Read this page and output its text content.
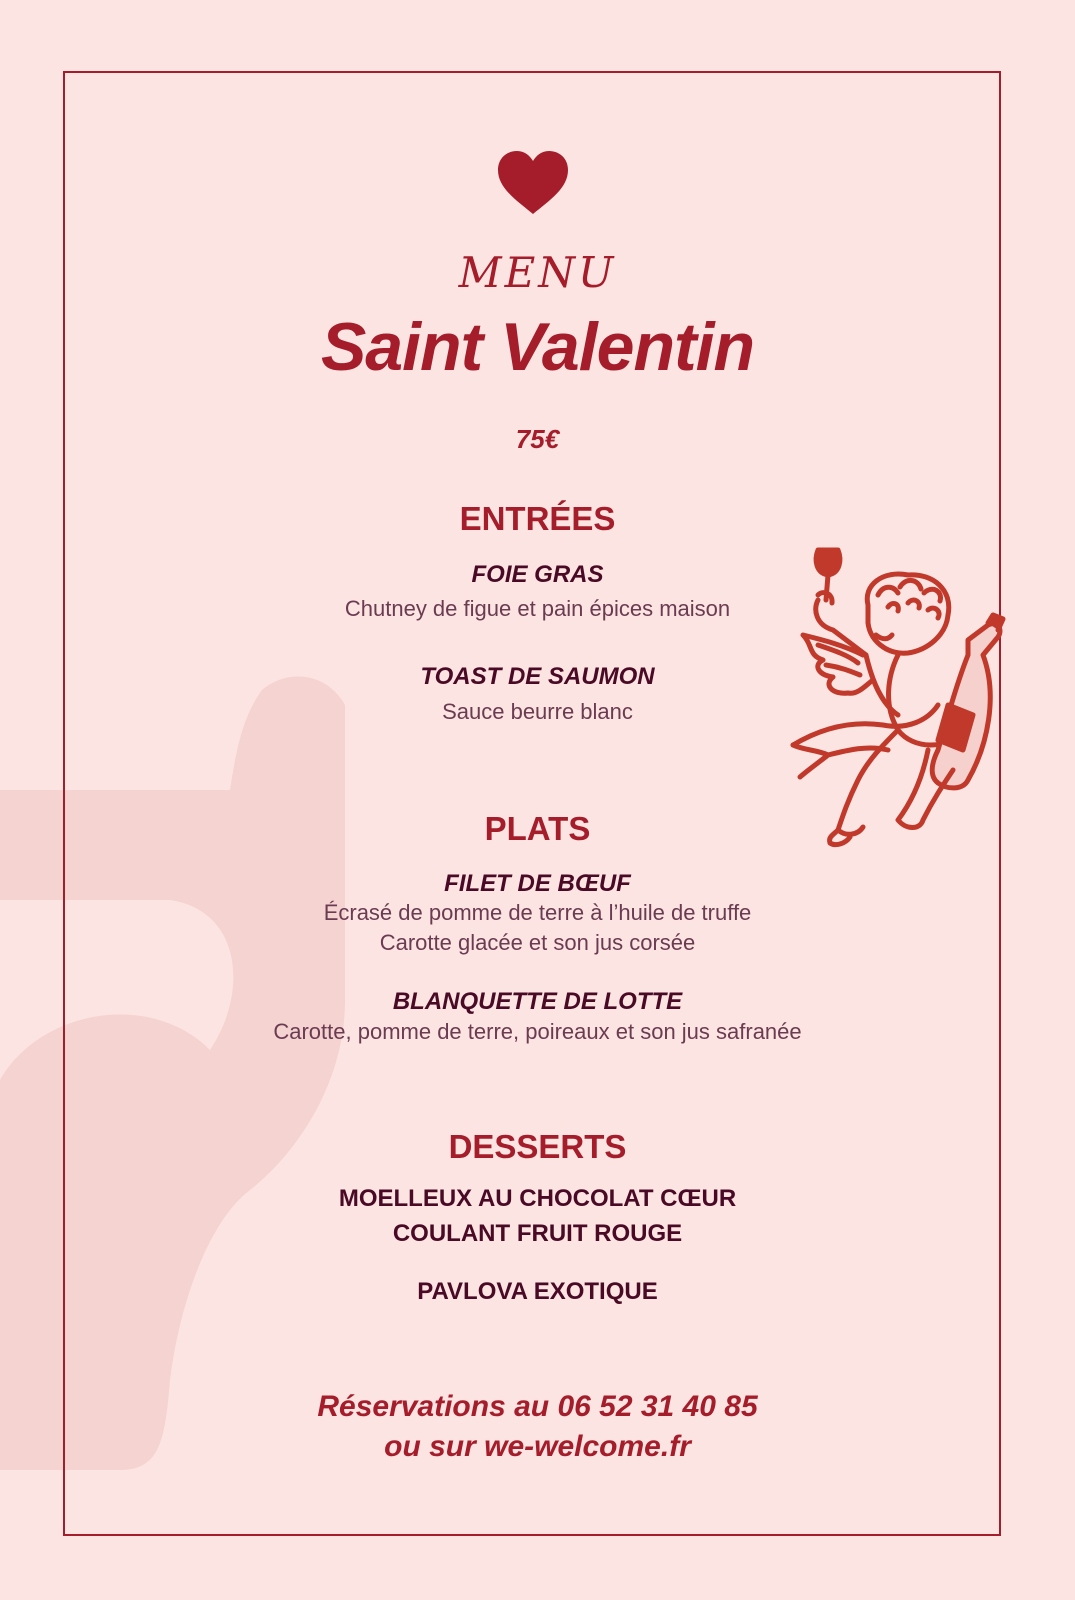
MENU
Saint Valentin
75€
ENTRÉES
FOIE GRAS
Chutney de figue et pain épices maison
TOAST DE SAUMON
Sauce beurre blanc
PLATS
FILET DE BŒUF
Écrasé de pomme de terre à l’huile de truffe
Carotte glacée et son jus corsée
BLANQUETTE DE LOTTE
Carotte, pomme de terre, poireaux et son jus safranée
DESSERTS
MOELLEUX AU CHOCOLAT CŒUR
COULANT FRUIT ROUGE
PAVLOVA EXOTIQUE
Réservations au 06 52 31 40 85
ou sur we-welcome.fr
